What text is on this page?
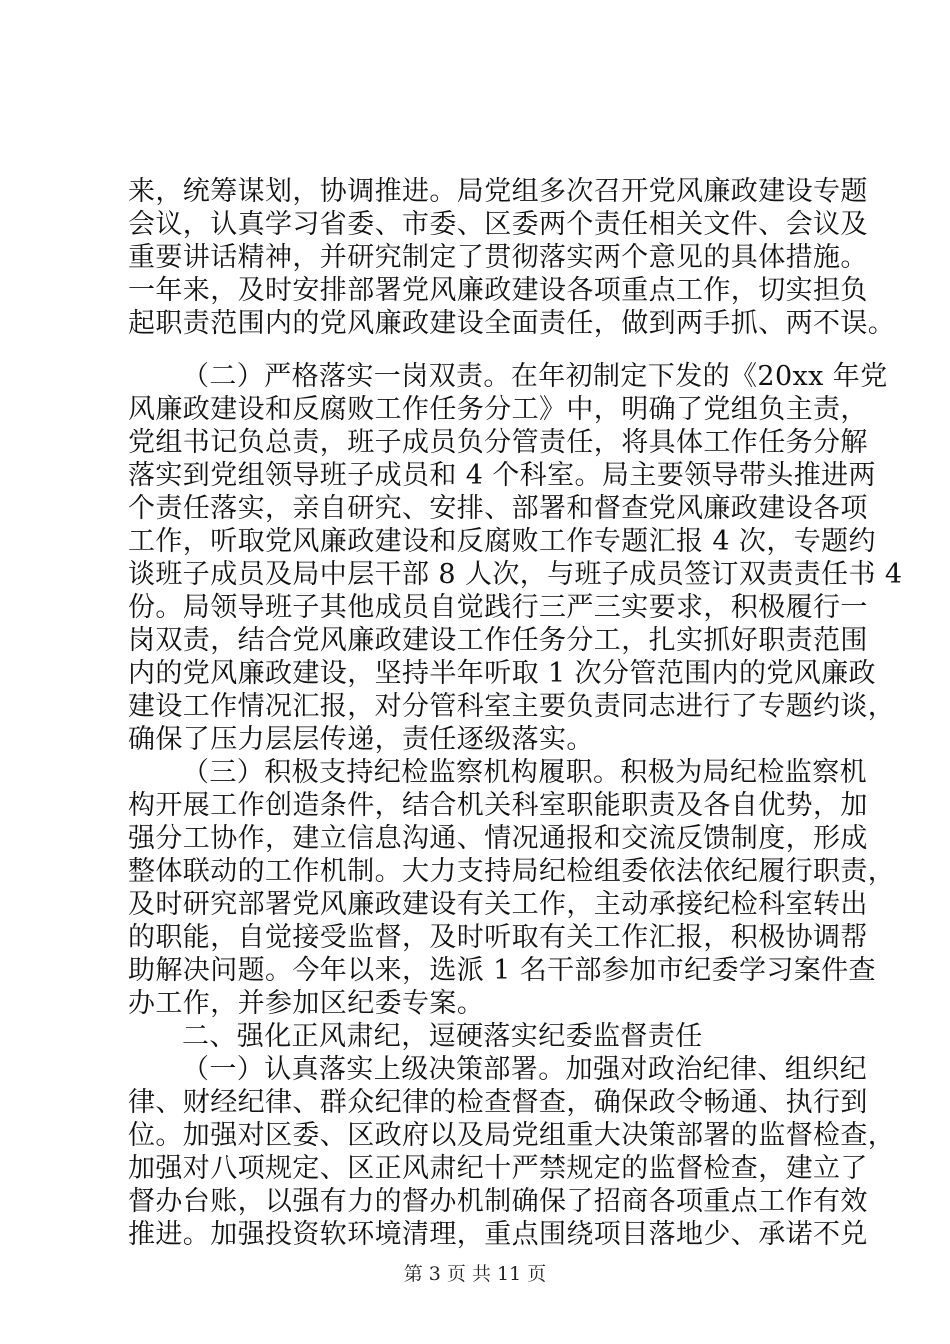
来，统筹谋划，协调推进。局党组多次召开党风廉政建设专题
会议，认真学习省委、市委、区委两个责任相关文件、会议及
重要讲话精神，并研究制定了贯彻落实两个意见的具体措施。
一年来，及时安排部署党风廉政建设各项重点工作，切实担负
起职责范围内的党风廉政建设全面责任，做到两手抓、两不误。
（二）严格落实一岗双责。在年初制定下发的《20xx 年党
风廉政建设和反腐败工作任务分工》中，明确了党组负主责，
党组书记负总责，班子成员负分管责任，将具体工作任务分解
落实到党组领导班子成员和 4 个科室。局主要领导带头推进两
个责任落实，亲自研究、安排、部署和督查党风廉政建设各项
工作，听取党风廉政建设和反腐败工作专题汇报 4 次，专题约
谈班子成员及局中层干部 8 人次，与班子成员签订双责责任书 4
份。局领导班子其他成员自觉践行三严三实要求，积极履行一
岗双责，结合党风廉政建设工作任务分工，扎实抓好职责范围
内的党风廉政建设，坚持半年听取 1 次分管范围内的党风廉政
建设工作情况汇报，对分管科室主要负责同志进行了专题约谈，
确保了压力层层传递，责任逐级落实。
（三）积极支持纪检监察机构履职。积极为局纪检监察机
构开展工作创造条件，结合机关科室职能职责及各自优势，加
强分工协作，建立信息沟通、情况通报和交流反馈制度，形成
整体联动的工作机制。大力支持局纪检组委依法依纪履行职责，
及时研究部署党风廉政建设有关工作，主动承接纪检科室转出
的职能，自觉接受监督，及时听取有关工作汇报，积极协调帮
助解决问题。今年以来，选派 1 名干部参加市纪委学习案件查
办工作，并参加区纪委专案。
二、强化正风肃纪，逗硬落实纪委监督责任
（一）认真落实上级决策部署。加强对政治纪律、组织纪
律、财经纪律、群众纪律的检查督查，确保政令畅通、执行到
位。加强对区委、区政府以及局党组重大决策部署的监督检查，
加强对八项规定、区正风肃纪十严禁规定的监督检查，建立了
督办台账，以强有力的督办机制确保了招商各项重点工作有效
推进。加强投资软环境清理，重点围绕项目落地少、承诺不兑
第 3 页 共 11 页
